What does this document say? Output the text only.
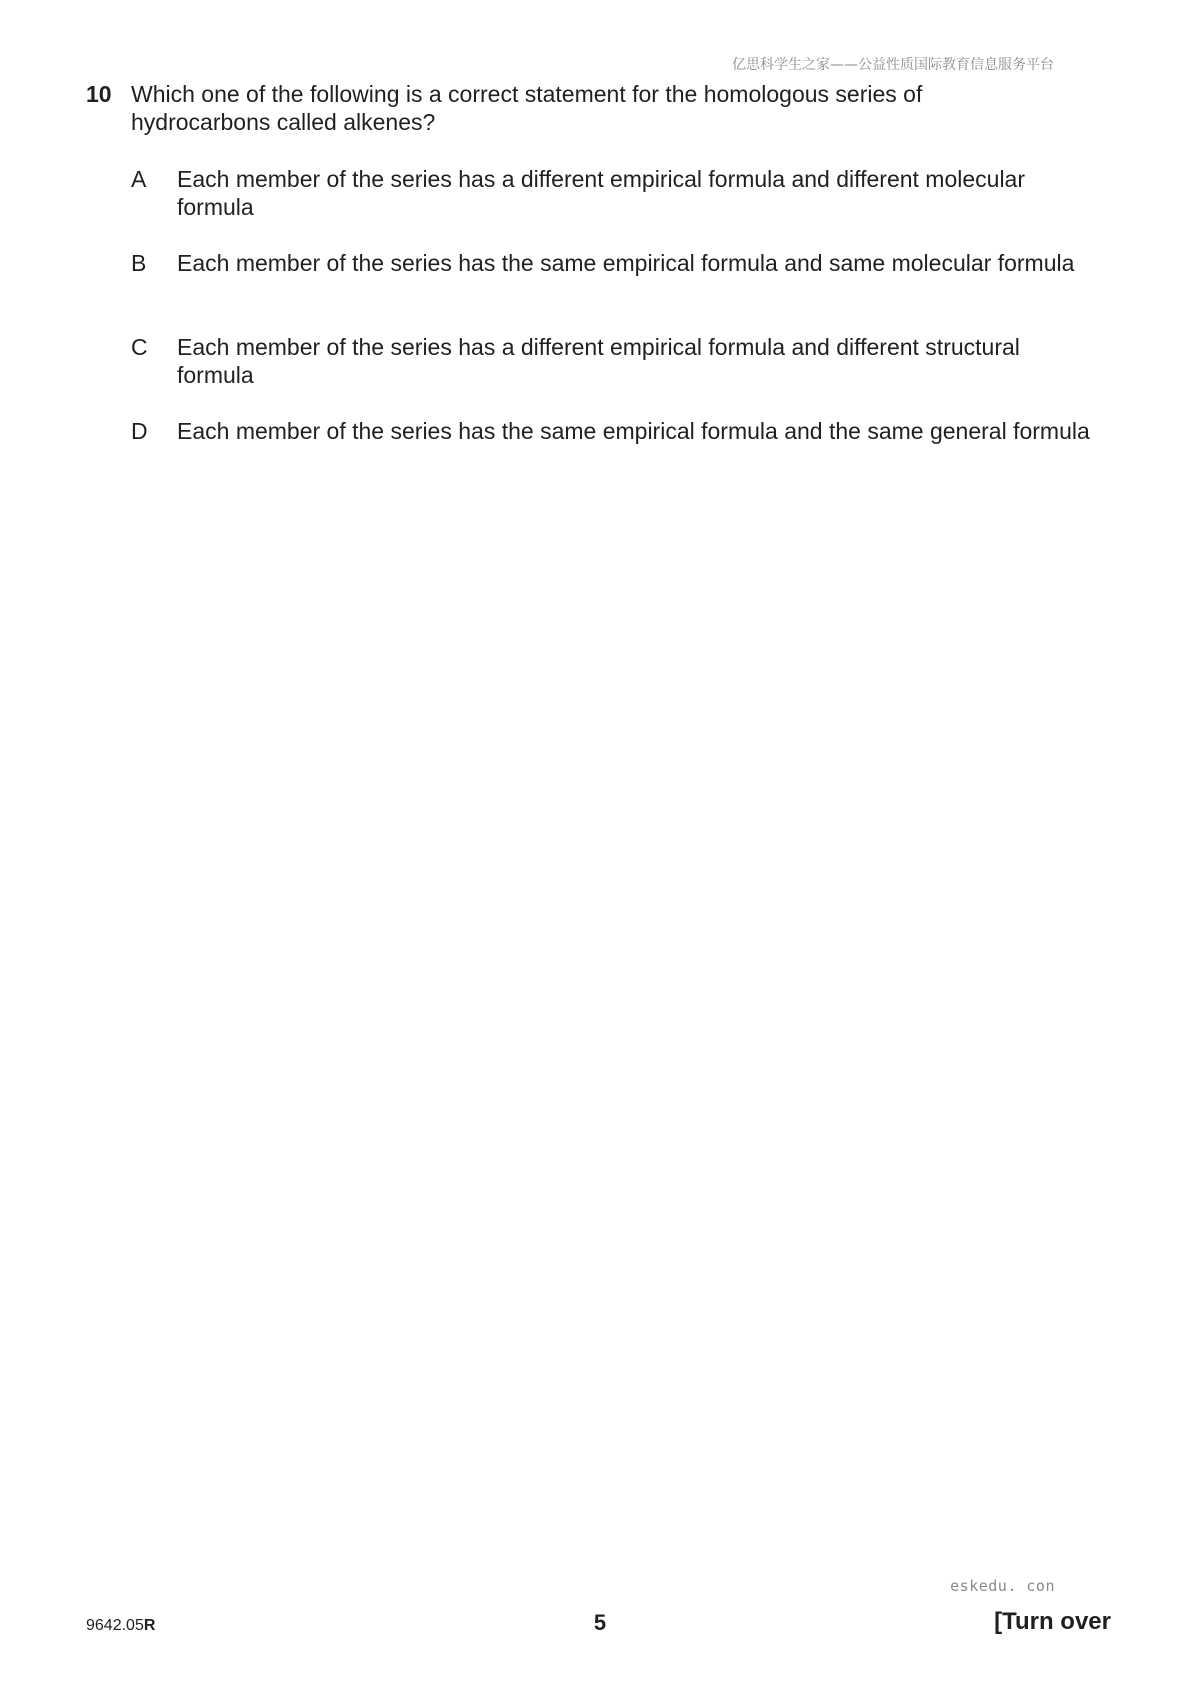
亿思科学生之家——公益性质国际教育信息服务平台
10 Which one of the following is a correct statement for the homologous series of hydrocarbons called alkenes?
A Each member of the series has a different empirical formula and different molecular formula
B Each member of the series has the same empirical formula and same molecular formula
C Each member of the series has a different empirical formula and different structural formula
D Each member of the series has the same empirical formula and the same general formula
eskedu. con
9642.05R	5	[Turn over
